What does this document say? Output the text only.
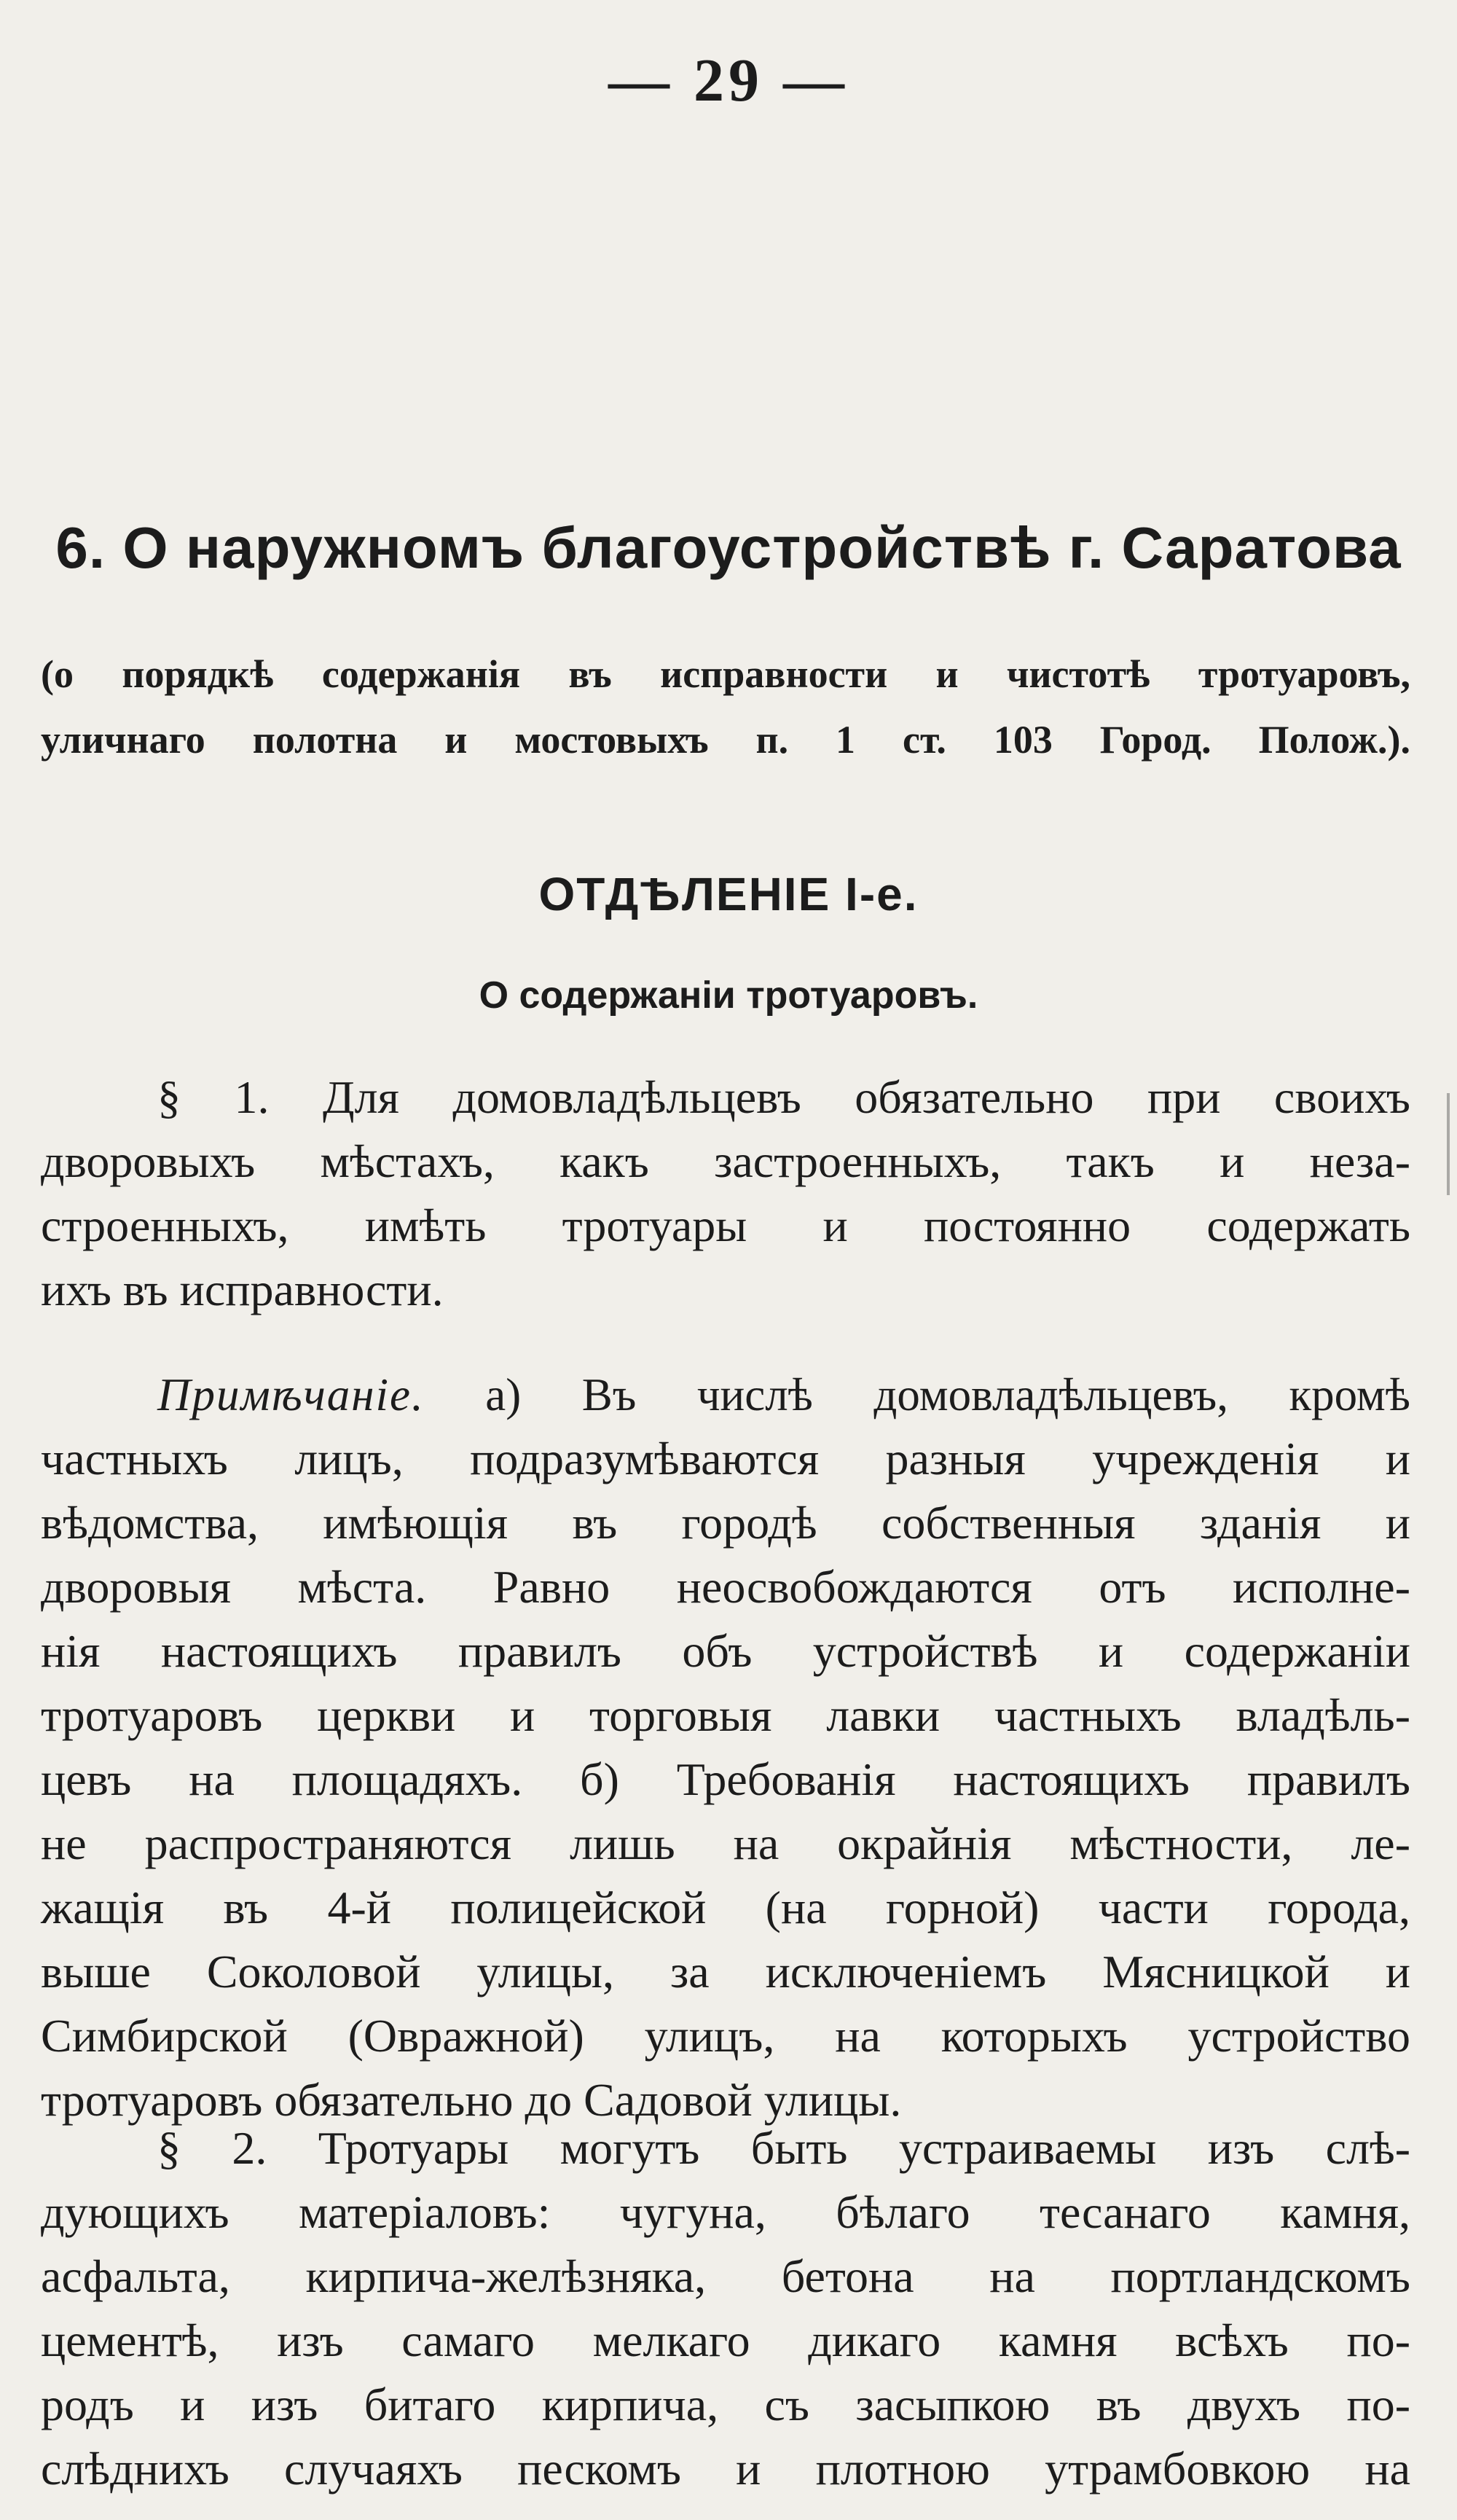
— 29 —
6. О наружномъ благоустройствѣ г. Саратова
(о порядкѣ содержанія въ исправности и чистотѣ тротуаровъ,
уличнаго полотна и мостовыхъ п. 1 ст. 103 Город. Полож.).
ОТДѢЛЕНІЕ І-е.
О содержаніи тротуаровъ.
§ 1. Для домовладѣльцевъ обязательно при своихъ
дворовыхъ мѣстахъ, какъ застроенныхъ, такъ и неза-
строенныхъ, имѣть тротуары и постоянно содержать
ихъ въ исправности.
Примѣчаніе. а) Въ числѣ домовладѣльцевъ, кромѣ
частныхъ лицъ, подразумѣваются разныя учрежденія и
вѣдомства, имѣющія въ городѣ собственныя зданія и
дворовыя мѣста. Равно неосвобождаются отъ исполне-
нія настоящихъ правилъ объ устройствѣ и содержаніи
тротуаровъ церкви и торговыя лавки частныхъ владѣль-
цевъ на площадяхъ. б) Требованія настоящихъ правилъ
не распространяются лишь на окрайнія мѣстности, ле-
жащія въ 4-й полицейской (на горной) части города,
выше Соколовой улицы, за исключеніемъ Мясницкой и
Симбирской (Овражной) улицъ, на которыхъ устройство
тротуаровъ обязательно до Садовой улицы.
§ 2. Тротуары могутъ быть устраиваемы изъ слѣ-
дующихъ матеріаловъ: чугуна, бѣлаго тесанаго камня,
асфальта, кирпича-желѣзняка, бетона на портландскомъ
цементѣ, изъ самаго мелкаго дикаго камня всѣхъ по-
родъ и изъ битаго кирпича, съ засыпкою въ двухъ по-
слѣднихъ случаяхъ пескомъ и плотною утрамбовкою на
